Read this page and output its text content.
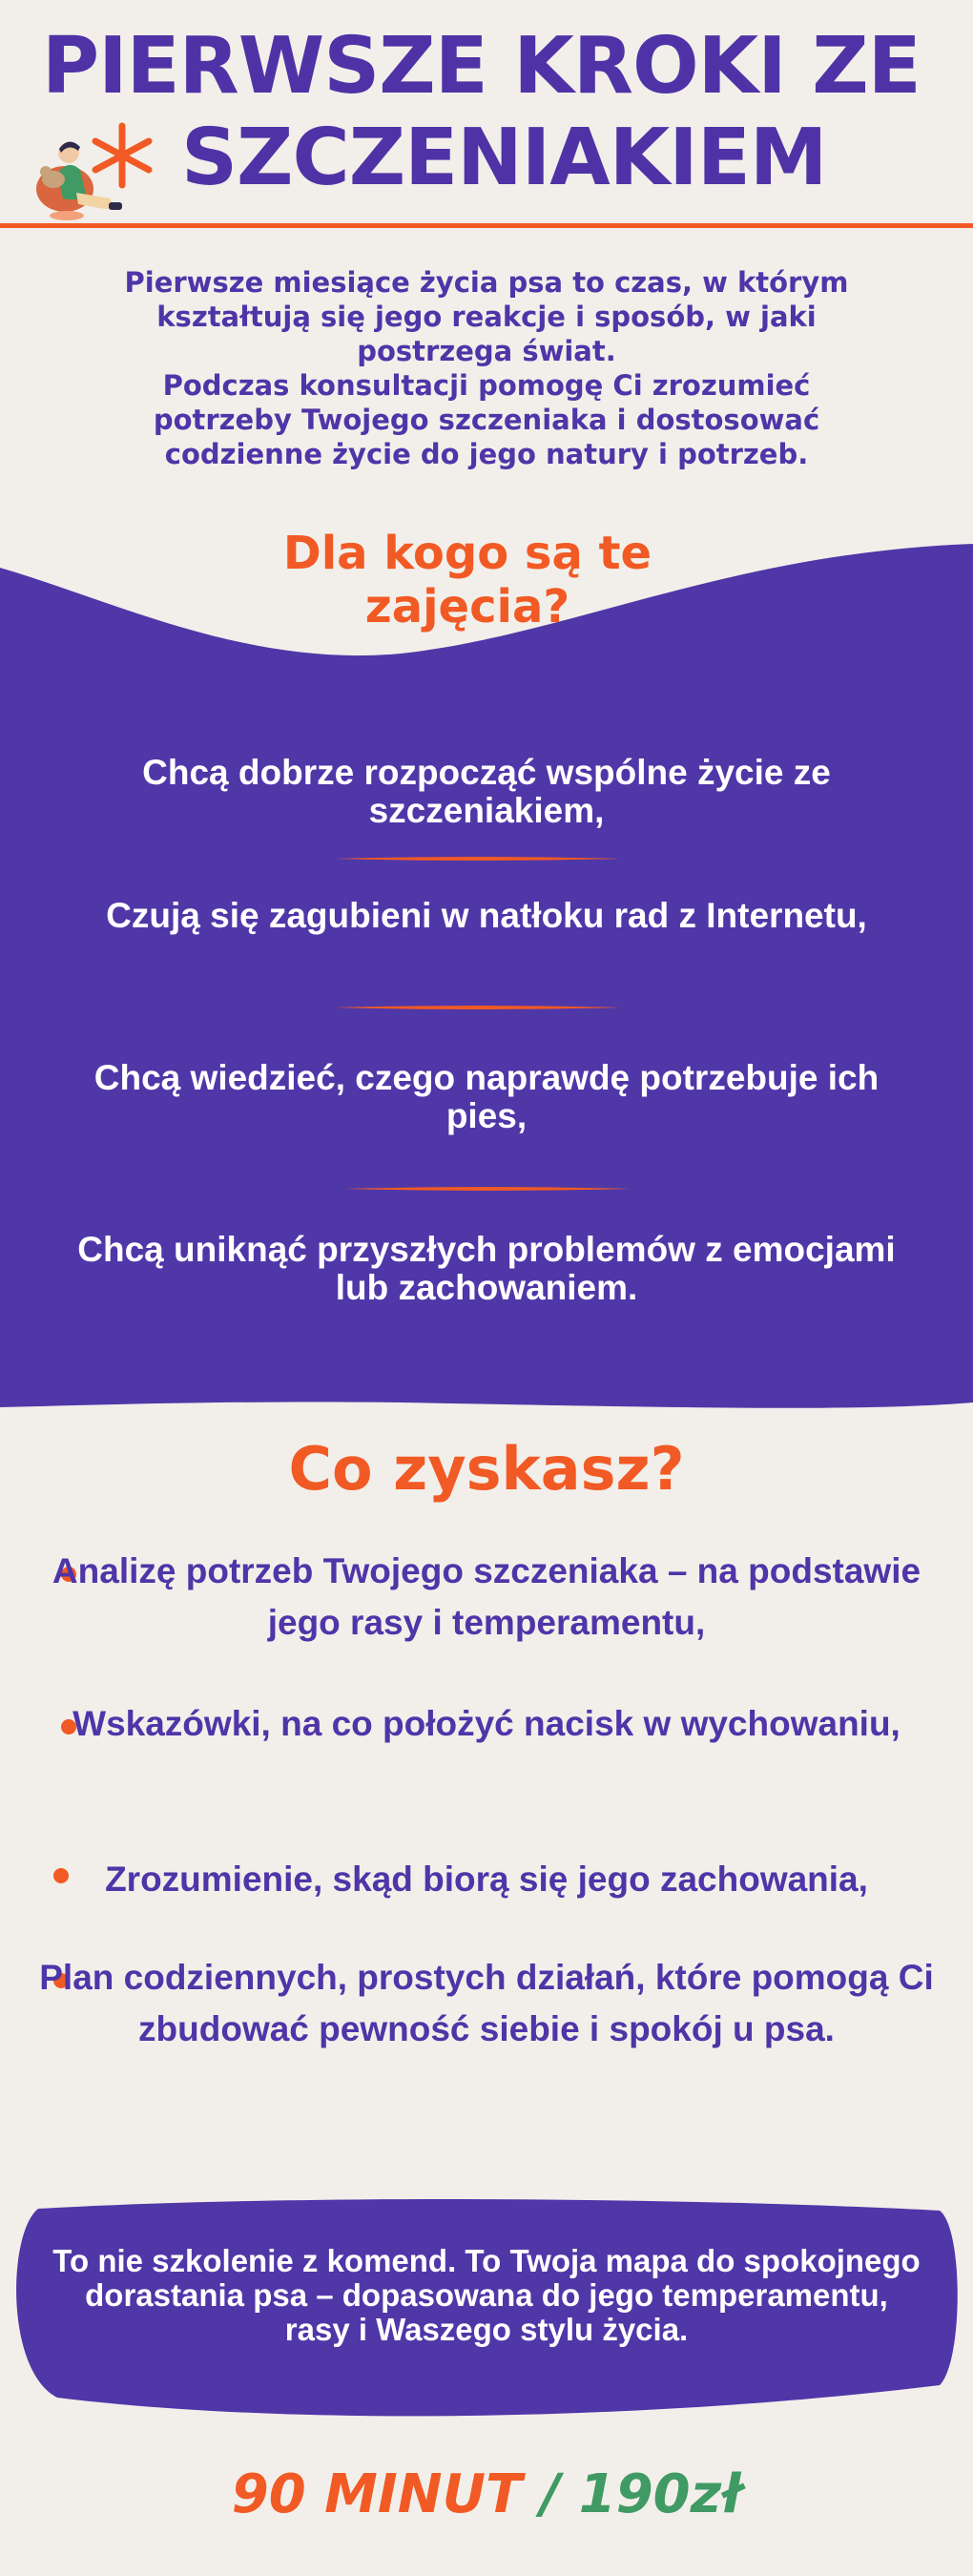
PIERWSZE KROKI ZE
SZCZENIAKIEM

Pierwsze miesiące życia psa to czas, w którym kształtują się jego reakcje i sposób, w jaki postrzega świat.

Podczas konsultacji pomogę Ci zrozumieć potrzeby Twojego szczeniaka i dostosować codzienne życie do jego natury i potrzeb.

Dla kogo są te zajęcia?
Chcą dobrze rozpocząć wspólne życie ze szczeniakiem,
Czują się zagubieni w natłoku rad z Internetu,
Chcą wiedzieć, czego naprawdę potrzebuje ich pies,
Chcą uniknąć przyszłych problemów z emocjami lub zachowaniem.
Co zyskasz?
Analizę potrzeb Twojego szczeniaka – na podstawie jego rasy i temperamentu,
Wskazówki, na co położyć nacisk w wychowaniu,
Zrozumienie, skąd biorą się jego zachowania,
Plan codziennych, prostych działań, które pomogą Ci zbudować pewność siebie i spokój u psa.
To nie szkolenie z komend. To Twoja mapa do spokojnego dorastania psa – dopasowana do jego temperamentu, rasy i Waszego stylu życia.
90 MINUT / 190zł
